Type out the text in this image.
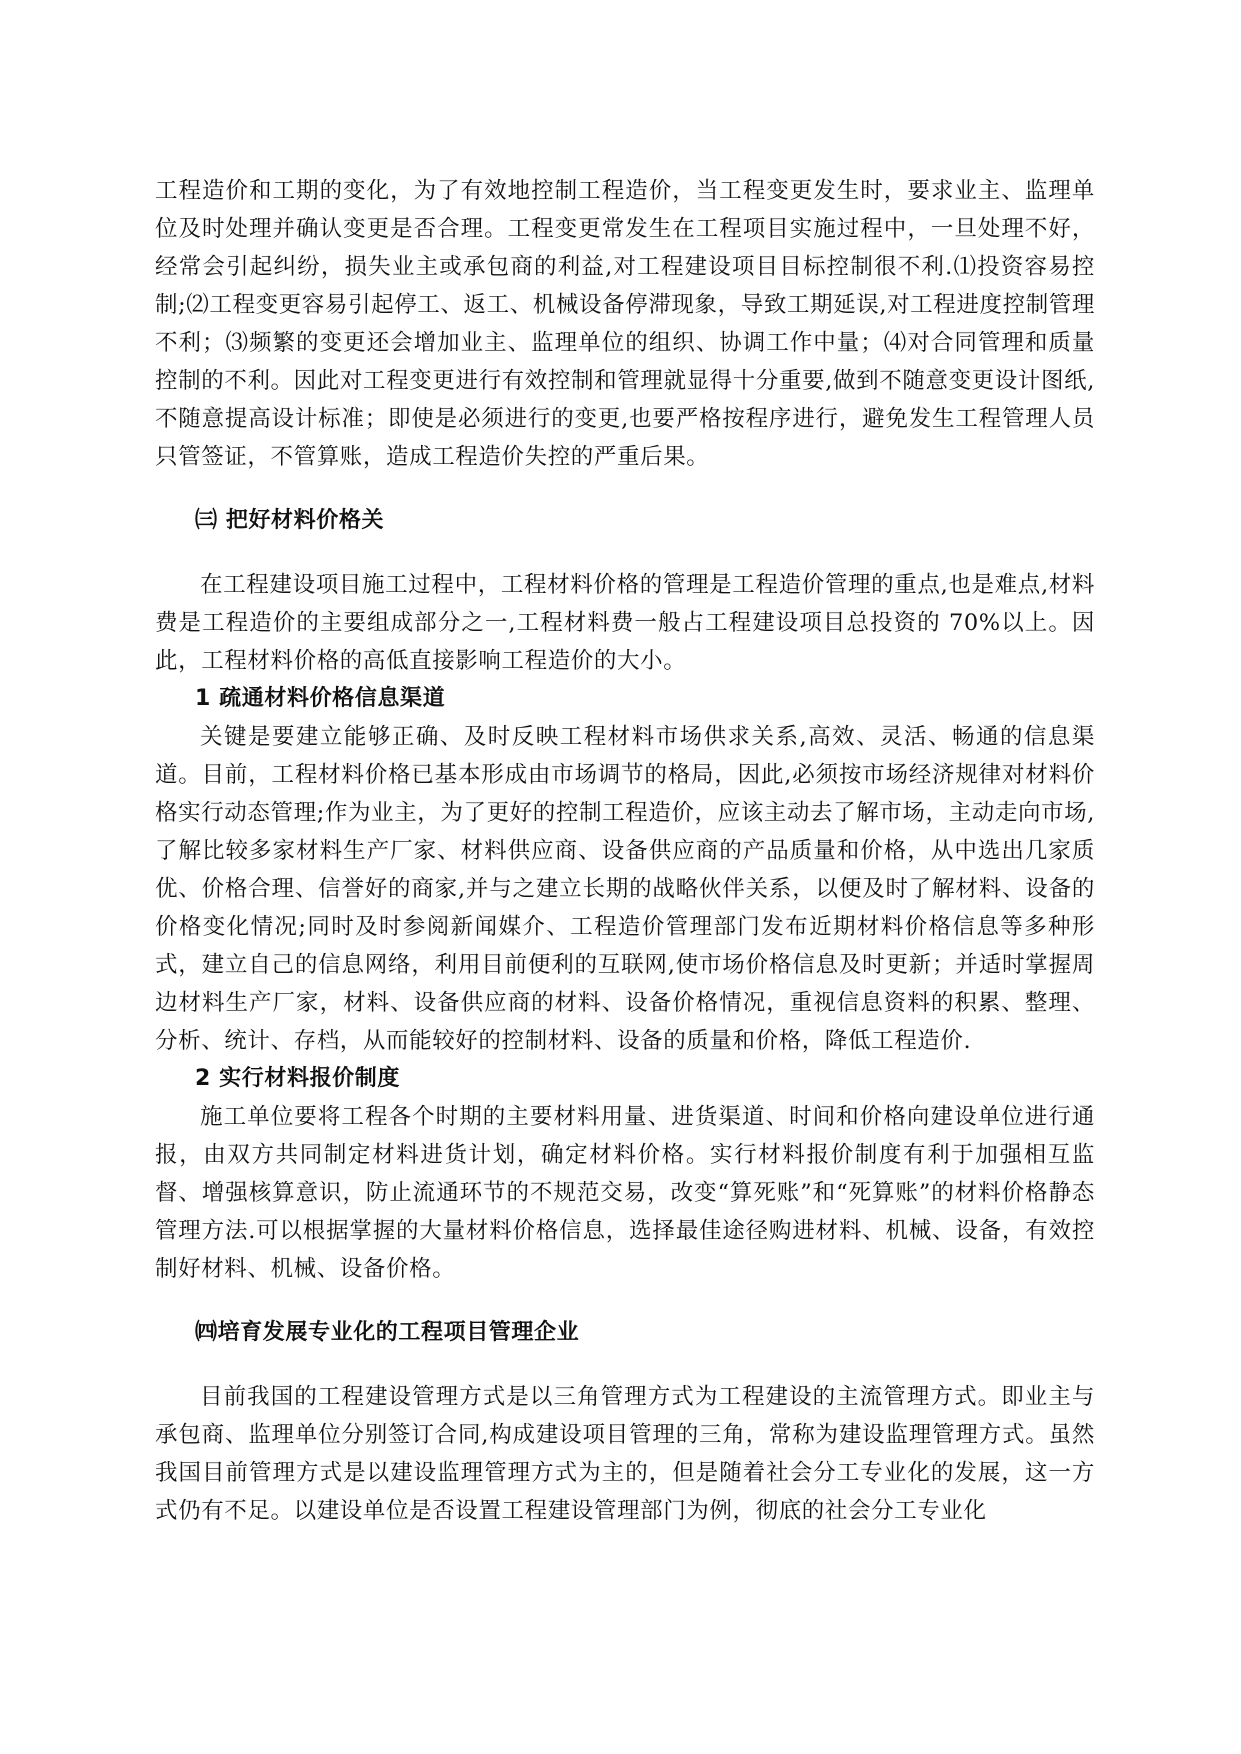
工程造价和工期的变化，为了有效地控制工程造价，当工程变更发生时，要求业主、监理单位及时处理并确认变更是否合理。工程变更常发生在工程项目实施过程中，一旦处理不好，经常会引起纠纷，损失业主或承包商的利益,对工程建设项目目标控制很不利.⑴投资容易控制;⑵工程变更容易引起停工、返工、机械设备停滞现象，导致工期延误,对工程进度控制管理不利；⑶频繁的变更还会增加业主、监理单位的组织、协调工作中量；⑷对合同管理和质量控制的不利。因此对工程变更进行有效控制和管理就显得十分重要,做到不随意变更设计图纸,不随意提高设计标准；即使是必须进行的变更,也要严格按程序进行，避免发生工程管理人员只管签证，不管算账，造成工程造价失控的严重后果。

㈢ 把好材料价格关

在工程建设项目施工过程中，工程材料价格的管理是工程造价管理的重点,也是难点,材料费是工程造价的主要组成部分之一,工程材料费一般占工程建设项目总投资的 70%以上。因此，工程材料价格的高低直接影响工程造价的大小。

1 疏通材料价格信息渠道

关键是要建立能够正确、及时反映工程材料市场供求关系,高效、灵活、畅通的信息渠道。目前，工程材料价格已基本形成由市场调节的格局，因此,必须按市场经济规律对材料价格实行动态管理;作为业主，为了更好的控制工程造价，应该主动去了解市场，主动走向市场,了解比较多家材料生产厂家、材料供应商、设备供应商的产品质量和价格，从中选出几家质优、价格合理、信誉好的商家,并与之建立长期的战略伙伴关系，以便及时了解材料、设备的价格变化情况;同时及时参阅新闻媒介、工程造价管理部门发布近期材料价格信息等多种形式，建立自己的信息网络，利用目前便利的互联网,使市场价格信息及时更新；并适时掌握周边材料生产厂家，材料、设备供应商的材料、设备价格情况，重视信息资料的积累、整理、分析、统计、存档，从而能较好的控制材料、设备的质量和价格，降低工程造价.

2 实行材料报价制度

施工单位要将工程各个时期的主要材料用量、进货渠道、时间和价格向建设单位进行通报，由双方共同制定材料进货计划，确定材料价格。实行材料报价制度有利于加强相互监督、增强核算意识，防止流通环节的不规范交易，改变“算死账”和“死算账”的材料价格静态管理方法.可以根据掌握的大量材料价格信息，选择最佳途径购进材料、机械、设备，有效控制好材料、机械、设备价格。

㈣培育发展专业化的工程项目管理企业

目前我国的工程建设管理方式是以三角管理方式为工程建设的主流管理方式。即业主与承包商、监理单位分别签订合同,构成建设项目管理的三角，常称为建设监理管理方式。虽然我国目前管理方式是以建设监理管理方式为主的，但是随着社会分工专业化的发展，这一方式仍有不足。以建设单位是否设置工程建设管理部门为例，彻底的社会分工专业化
